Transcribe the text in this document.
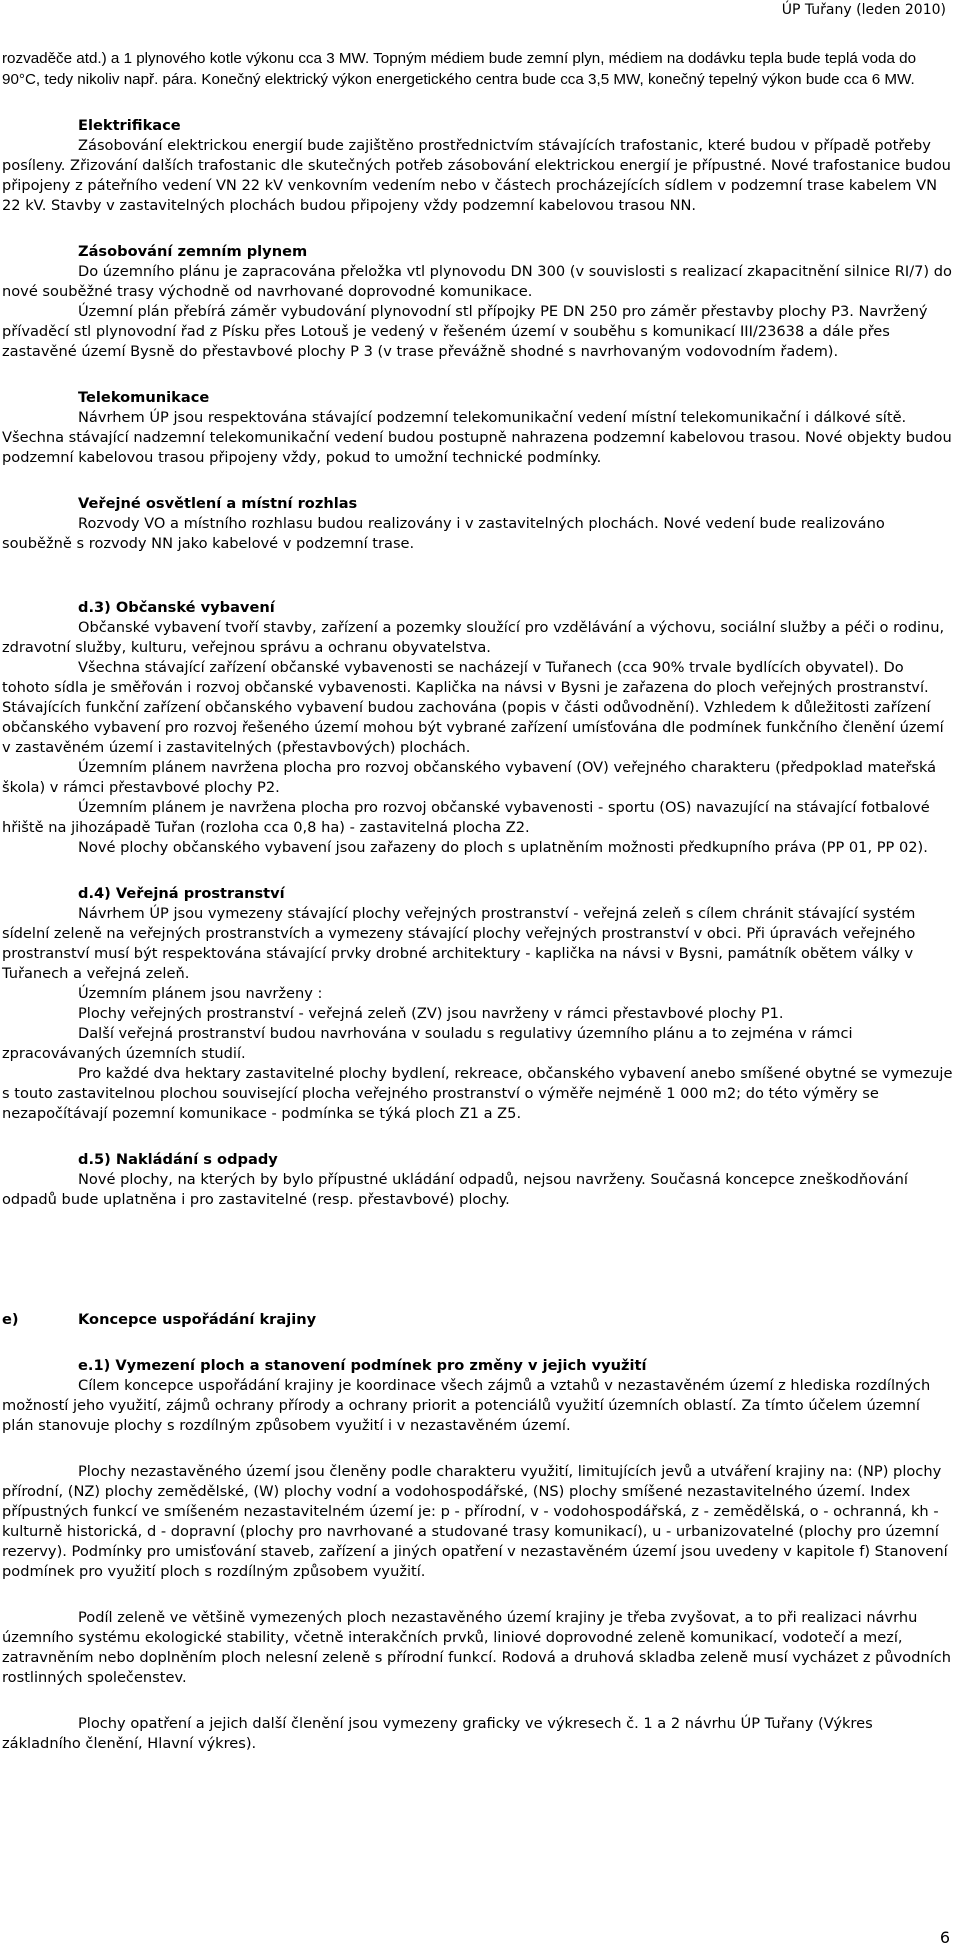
ÚP Tuřany (leden 2010)

rozvaděče atd.) a 1 plynového kotle výkonu cca 3 MW. Topným médiem bude zemní plyn, médiem na dodávku tepla bude teplá voda do 90°C, tedy nikoliv např. pára. Konečný elektrický výkon energetického centra bude cca 3,5 MW, konečný tepelný výkon bude cca 6 MW.

Elektrifikace

Zásobování elektrickou energií bude zajištěno prostřednictvím stávajících trafostanic, které budou v případě potřeby posíleny. Zřizování dalších trafostanic dle skutečných potřeb zásobování elektrickou energií je přípustné. Nové trafostanice budou připojeny z páteřního vedení VN 22 kV venkovním vedením nebo v částech procházejících sídlem v podzemní trase kabelem VN 22 kV. Stavby v zastavitelných plochách budou připojeny vždy podzemní kabelovou trasou NN.

Zásobování zemním plynem

Do územního plánu je zapracována přeložka vtl plynovodu DN 300 (v souvislosti s realizací zkapacitnění silnice RI/7) do nové souběžné trasy východně od navrhované doprovodné komunikace.

Územní plán přebírá záměr vybudování plynovodní stl přípojky PE DN 250 pro záměr přestavby plochy P3. Navržený přívaděcí stl plynovodní řad z Písku přes Lotouš je vedený v řešeném území v souběhu s komunikací III/23638 a dále přes zastavěné území Bysně do přestavbové plochy P 3 (v trase převážně shodné s navrhovaným vodovodním řadem).

Telekomunikace

Návrhem ÚP jsou respektována stávající podzemní telekomunikační vedení místní telekomunikační i dálkové sítě. Všechna stávající nadzemní telekomunikační vedení budou postupně nahrazena podzemní kabelovou trasou. Nové objekty budou podzemní kabelovou trasou připojeny vždy, pokud to umožní technické podmínky.

Veřejné osvětlení a místní rozhlas

Rozvody VO a místního rozhlasu budou realizovány i v zastavitelných plochách. Nové vedení bude realizováno souběžně s rozvody NN jako kabelové v podzemní trase.

d.3) Občanské vybavení

Občanské vybavení tvoří stavby, zařízení a pozemky sloužící pro vzdělávání a výchovu, sociální služby a péči o rodinu, zdravotní služby, kulturu, veřejnou správu a ochranu obyvatelstva.

Všechna stávající zařízení občanské vybavenosti se nacházejí v Tuřanech (cca 90% trvale bydlících obyvatel). Do tohoto sídla je směřován i rozvoj občanské vybavenosti. Kaplička na návsi v Bysni je zařazena do ploch veřejných prostranství. Stávajících funkční zařízení občanského vybavení budou zachována (popis v části odůvodnění). Vzhledem k důležitosti zařízení občanského vybavení pro rozvoj řešeného území mohou být vybrané zařízení umísťována dle podmínek funkčního členění území v zastavěném území i zastavitelných (přestavbových) plochách.

Územním plánem navržena plocha pro rozvoj občanského vybavení (OV) veřejného charakteru (předpoklad mateřská škola) v rámci přestavbové plochy P2.

Územním plánem je navržena plocha pro rozvoj občanské vybavenosti - sportu (OS) navazující na stávající fotbalové hřiště na jihozápadě Tuřan (rozloha cca 0,8 ha) - zastavitelná plocha Z2.

Nové plochy občanského vybavení jsou zařazeny do ploch s uplatněním možnosti předkupního práva (PP 01, PP 02).

d.4) Veřejná prostranství

Návrhem ÚP jsou vymezeny stávající plochy veřejných prostranství - veřejná zeleň s cílem chránit stávající systém sídelní zeleně na veřejných prostranstvích a vymezeny stávající plochy veřejných prostranství v obci. Při úpravách veřejného prostranství musí být respektována stávající prvky drobné architektury - kaplička na návsi v Bysni, památník obětem války v Tuřanech a veřejná zeleň.

Územním plánem jsou navrženy :

Plochy veřejných prostranství - veřejná zeleň (ZV) jsou navrženy v rámci přestavbové plochy P1.

Další veřejná prostranství budou navrhována v souladu s regulativy územního plánu a to zejména v rámci zpracovávaných územních studií.

Pro každé dva hektary zastavitelné plochy bydlení, rekreace, občanského vybavení anebo smíšené obytné se vymezuje s touto zastavitelnou plochou související plocha veřejného prostranství o výměře nejméně 1 000 m2; do této výměry se nezapočítávají pozemní komunikace - podmínka se týká ploch Z1 a Z5.

d.5) Nakládání s odpady

Nové plochy, na kterých by bylo přípustné ukládání odpadů, nejsou navrženy. Současná koncepce zneškodňování odpadů bude uplatněna i pro zastavitelné (resp. přestavbové) plochy.

e)	Koncepce uspořádání krajiny

e.1) Vymezení ploch a stanovení podmínek pro změny v jejich využití

Cílem koncepce uspořádání krajiny je koordinace všech zájmů a vztahů v nezastavěném území z hlediska rozdílných možností jeho využití, zájmů ochrany přírody a ochrany priorit a potenciálů využití územních oblastí. Za tímto účelem územní plán stanovuje plochy s rozdílným způsobem využití i v nezastavěném území.

Plochy nezastavěného území jsou členěny podle charakteru využití, limitujících jevů a utváření krajiny na: (NP) plochy přírodní, (NZ) plochy zemědělské, (W) plochy vodní a vodohospodářské, (NS) plochy smíšené nezastavitelného území. Index přípustných funkcí ve smíšeném nezastavitelném území je: p - přírodní, v - vodohospodářská, z - zemědělská, o - ochranná, kh - kulturně historická, d - dopravní (plochy pro navrhované a studované trasy komunikací), u - urbanizovatelné (plochy pro územní rezervy). Podmínky pro umisťování staveb, zařízení a jiných opatření v nezastavěném území jsou uvedeny v kapitole f) Stanovení podmínek pro využití ploch s rozdílným způsobem využití.

Podíl zeleně ve většině vymezených ploch nezastavěného území krajiny je třeba zvyšovat, a to při realizaci návrhu územního systému ekologické stability, včetně interakčních prvků, liniové doprovodné zeleně komunikací, vodotečí a mezí, zatravněním nebo doplněním ploch nelesní zeleně s přírodní funkcí. Rodová a druhová skladba zeleně musí vycházet z původních rostlinných společenstev.

Plochy opatření a jejich další členění jsou vymezeny graficky ve výkresech č. 1 a 2 návrhu ÚP Tuřany (Výkres základního členění, Hlavní výkres).

6
